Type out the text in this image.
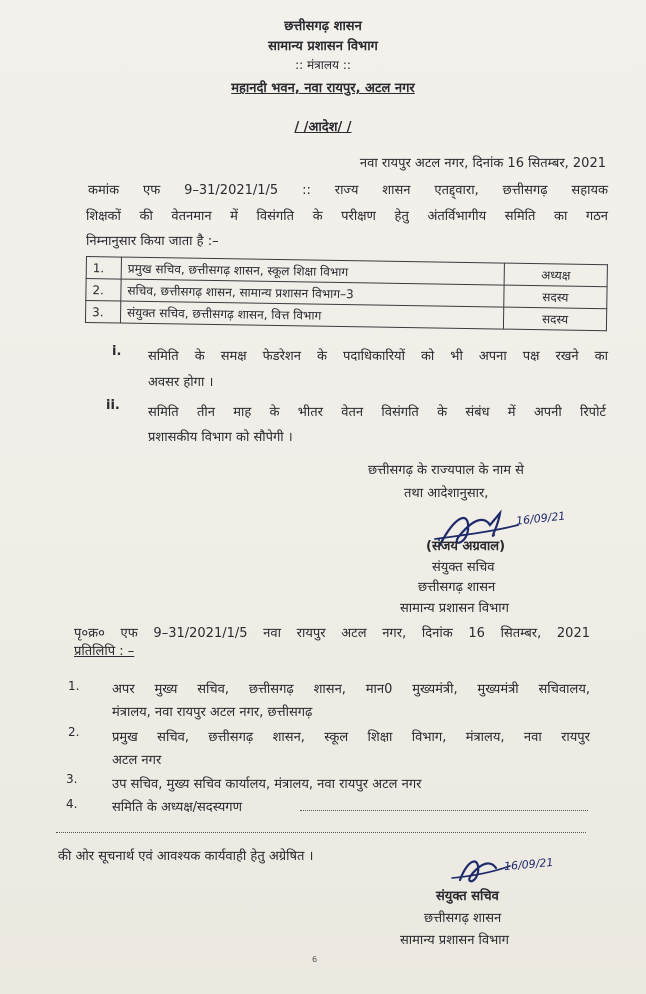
छत्तीसगढ़ शासन
सामान्य प्रशासन विभाग
:: मंत्रालय ::
महानदी भवन, नवा रायपुर, अटल नगर
/ /आदेश/ /
नवा रायपुर अटल नगर, दिनांक 16 सितम्बर, 2021
कमांक एफ 9–31/2021/1/5 :: राज्य शासन एतद्द्वारा, छत्तीसगढ़ सहायक
शिक्षकों की वेतनमान में विसंगति के परीक्षण हेतु अंतर्विभागीय समिति का गठन
निम्नानुसार किया जाता है :–
1.	प्रमुख सचिव, छत्तीसगढ़ शासन, स्कूल शिक्षा विभाग	अध्यक्ष
2.	सचिव, छत्तीसगढ़ शासन, सामान्य प्रशासन विभाग–3	सदस्य
3.	संयुक्त सचिव, छत्तीसगढ़ शासन, वित्त विभाग	सदस्य
i. समिति के समक्ष फेडरेशन के पदाधिकारियों को भी अपना पक्ष रखने का
अवसर होगा ।
ii. समिति तीन माह के भीतर वेतन विसंगति के संबंध में अपनी रिपोर्ट
प्रशासकीय विभाग को सौपेगी ।
छत्तीसगढ़ के राज्यपाल के नाम से
तथा आदेशानुसार,
16/09/21
(संजय अग्रवाल)
संयुक्त सचिव
छत्तीसगढ़ शासन
सामान्य प्रशासन विभाग
पृ०क्र० एफ 9–31/2021/1/5 नवा रायपुर अटल नगर, दिनांक 16 सितम्बर, 2021
प्रतिलिपि : –
1.	अपर मुख्य सचिव, छत्तीसगढ़ शासन, मान0 मुख्यमंत्री, मुख्यमंत्री सचिवालय,
मंत्रालय, नवा रायपुर अटल नगर, छत्तीसगढ़
2.	प्रमुख सचिव, छत्तीसगढ़ शासन, स्कूल शिक्षा विभाग, मंत्रालय, नवा रायपुर
अटल नगर
3.	उप सचिव, मुख्य सचिव कार्यालय, मंत्रालय, नवा रायपुर अटल नगर
4.	समिति के अध्यक्ष/सदस्यगण
की ओर सूचनार्थ एवं आवश्यक कार्यवाही हेतु अग्रेषित ।	16/09/21
संयुक्त सचिव
छत्तीसगढ़ शासन
सामान्य प्रशासन विभाग
6
